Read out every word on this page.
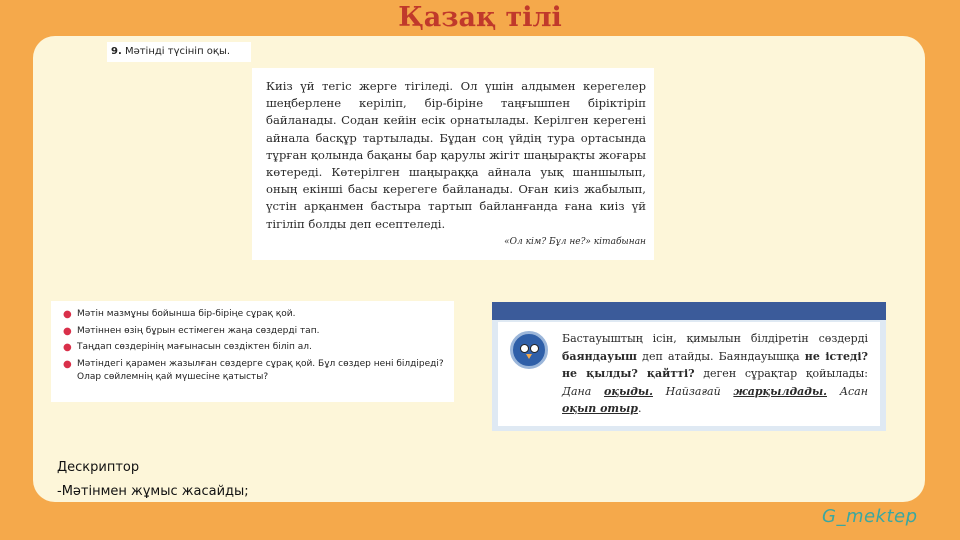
Қазақ тілі
9. Мәтінді түсініп оқы.
Киіз үй тегіс жерге тігіледі. Ол үшін алдымен керегелер шеңберлене керіліп, бір-біріне таңғышпен біріктіріп байланады. Содан кейін есік орнатылады. Керілген керегені айнала басқұр тартылады. Бұдан соң үйдің тура ортасында тұрған қолында бақаны бар қарулы жігіт шаңырақты жоғары көтереді. Көтерілген шаңыраққа айнала уық шаншылып, оның екінші басы керегеге байланады. Оған киіз жабылып, үстін арқанмен бастыра тартып байланғанда ғана киіз үй тігіліп болды деп есептеледі.
«Ол кім? Бұл не?» кітабынан
● Мәтін мазмұны бойынша бір-біріңе сұрақ қой.
● Мәтіннен өзің бұрын естімеген жаңа сөздерді тап.
● Таңдап сөздерінің мағынасын сөздіктен біліп ал.
● Мәтіндегі қарамен жазылған сөздерге сұрақ қой. Бұл сөздер нені білдіреді? Олар сөйлемнің қай мүшесіне қатысты?
Бастауыштың ісін, қимылын білдіретін сөздерді баяндауыш деп атайды. Баяндауышқа не істеді? не қылды? қайтті? деген сұрақтар қойылады: Дана оқыды. Найзағай жарқылдады. Асан оқып отыр.
Дескриптор
-Мәтінмен жұмыс жасайды;
G_mektep
